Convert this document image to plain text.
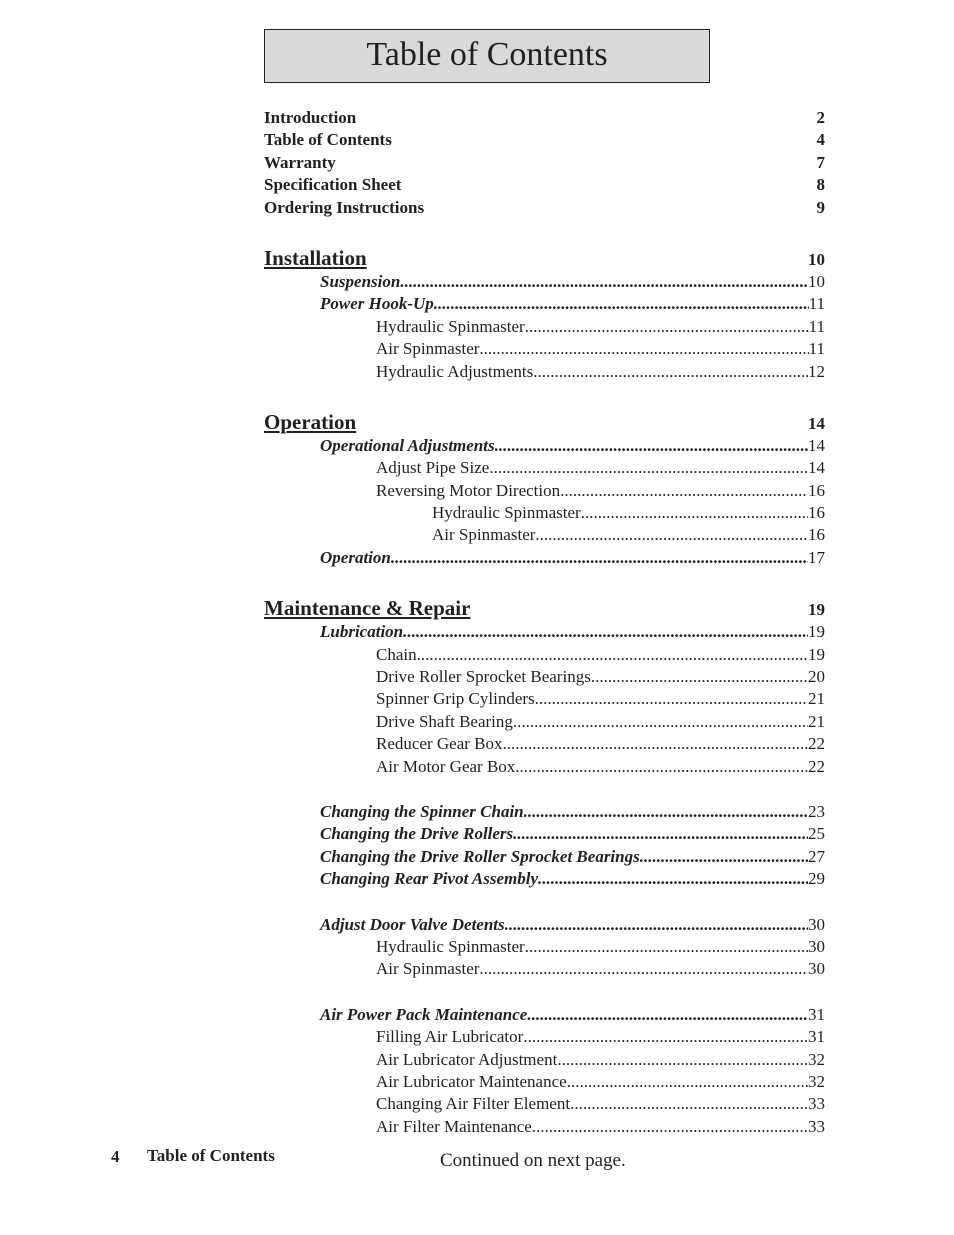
Table of Contents
Introduction	2
Table of Contents	4
Warranty	7
Specification Sheet	8
Ordering Instructions	9
Installation	10
Suspension .....	10
Power Hook-Up .....	11
Hydraulic Spinmaster .....	11
Air Spinmaster .....	11
Hydraulic Adjustments .....	12
Operation	14
Operational Adjustments .....	14
Adjust Pipe Size .....	14
Reversing Motor Direction .....	16
Hydraulic Spinmaster .....	16
Air Spinmaster .....	16
Operation .....	17
Maintenance & Repair	19
Lubrication .....	19
Chain .....	19
Drive Roller Sprocket Bearings .....	20
Spinner Grip Cylinders .....	21
Drive Shaft Bearing .....	21
Reducer Gear Box .....	22
Air Motor Gear Box .....	22
Changing the Spinner Chain .....	23
Changing the Drive Rollers .....	25
Changing the Drive Roller Sprocket Bearings .....	27
Changing Rear Pivot Assembly .....	29
Adjust Door Valve Detents .....	30
Hydraulic Spinmaster .....	30
Air Spinmaster .....	30
Air Power Pack Maintenance .....	31
Filling Air Lubricator .....	31
Air Lubricator Adjustment .....	32
Air Lubricator Maintenance .....	32
Changing Air Filter Element .....	33
Air Filter Maintenance .....	33
4 Table of Contents	Continued on next page.
